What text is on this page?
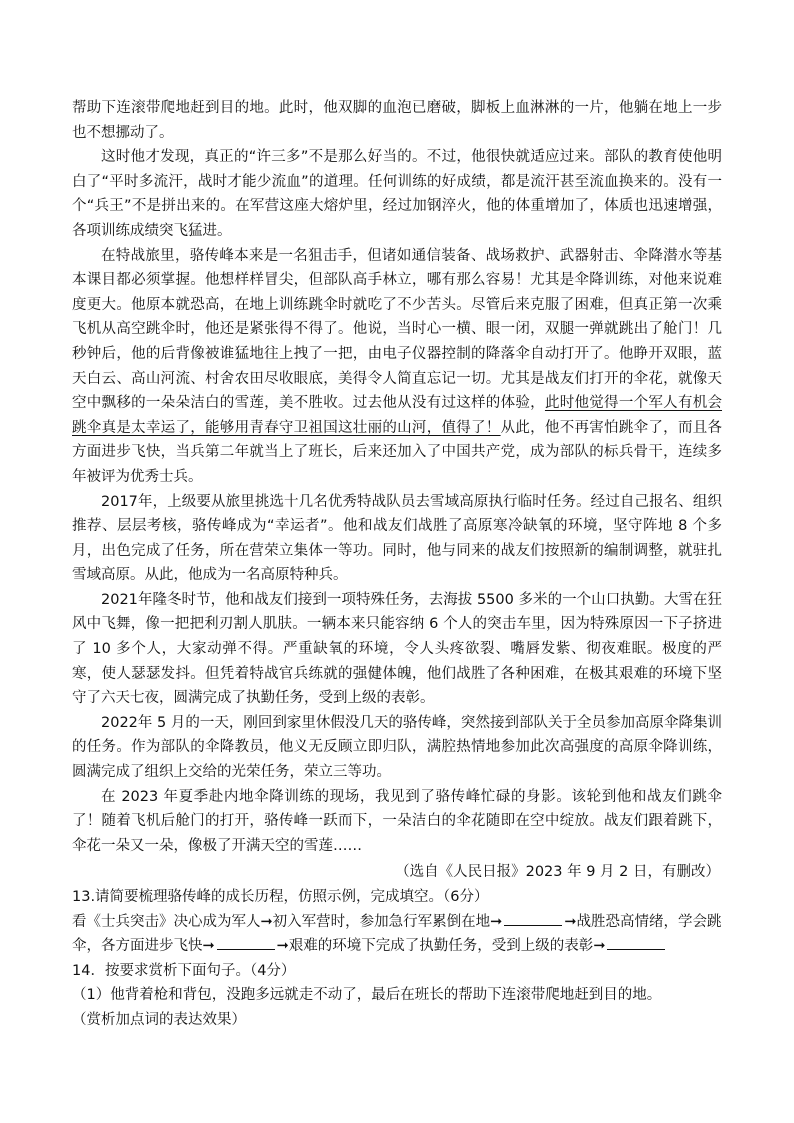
帮助下连滚带爬地赶到目的地。此时，他双脚的血泡已磨破，脚板上血淋淋的一片，他躺在地上一步也不想挪动了。

这时他才发现，真正的“许三多”不是那么好当的。不过，他很快就适应过来。部队的教育使他明白了“平时多流汗，战时才能少流血”的道理。任何训练的好成绩，都是流汗甚至流血换来的。没有一个“兵王”不是拼出来的。在军营这座大熔炉里，经过加钢淬火，他的体重增加了，体质也迅速增强，各项训练成绩突飞猛进。

在特战旅里，骆传峰本来是一名狙击手，但诸如通信装备、战场救护、武器射击、伞降潜水等基本课目都必须掌握。他想样样冒尖，但部队高手林立，哪有那么容易！尤其是伞降训练，对他来说难度更大。他原本就恐高，在地上训练跳伞时就吃了不少苦头。尽管后来克服了困难，但真正第一次乘飞机从高空跳伞时，他还是紧张得不得了。他说，当时心一横、眼一闭，双腿一弹就跳出了舱门！几秒钟后，他的后背像被谁猛地往上拽了一把，由电子仪器控制的降落伞自动打开了。他睁开双眼，蓝天白云、高山河流、村舍农田尽收眼底，美得令人简直忘记一切。尤其是战友们打开的伞花，就像天空中飘移的一朵朵洁白的雪莲，美不胜收。过去他从没有过这样的体验，此时他觉得一个军人有机会跳伞真是太幸运了，能够用青春守卫祖国这壮丽的山河，值得了！从此，他不再害怕跳伞了，而且各方面进步飞快，当兵第二年就当上了班长，后来还加入了中国共产党，成为部队的标兵骨干，连续多年被评为优秀士兵。

2017年，上级要从旅里挑选十几名优秀特战队员去雪域高原执行临时任务。经过自己报名、组织推荐、层层考核，骆传峰成为“幸运者”。他和战友们战胜了高原寒冷缺氧的环境，坚守阵地 8 个多月，出色完成了任务，所在营荣立集体一等功。同时，他与同来的战友们按照新的编制调整，就驻扎雪域高原。从此，他成为一名高原特种兵。

2021年隆冬时节，他和战友们接到一项特殊任务，去海拔 5500 多米的一个山口执勤。大雪在狂风中飞舞，像一把把利刃割人肌肤。一辆本来只能容纳 6 个人的突击车里，因为特殊原因一下子挤进了 10 多个人，大家动弹不得。严重缺氧的环境，令人头疼欲裂、嘴唇发紫、彻夜难眠。极度的严寒，使人瑟瑟发抖。但凭着特战官兵练就的强健体魄，他们战胜了各种困难，在极其艰难的环境下坚守了六天七夜，圆满完成了执勤任务，受到上级的表彰。

2022年 5 月的一天，刚回到家里休假没几天的骆传峰，突然接到部队关于全员参加高原伞降集训的任务。作为部队的伞降教员，他义无反顾立即归队，满腔热情地参加此次高强度的高原伞降训练，圆满完成了组织上交给的光荣任务，荣立三等功。

在 2023 年夏季赴内地伞降训练的现场，我见到了骆传峰忙碌的身影。该轮到他和战友们跳伞了！随着飞机后舱门的打开，骆传峰一跃而下，一朵洁白的伞花随即在空中绽放。战友们跟着跳下，伞花一朵又一朵，像极了开满天空的雪莲……

（选自《人民日报》2023 年 9 月 2 日，有删改）

13.请简要梳理骆传峰的成长历程，仿照示例，完成填空。（6分）

看《士兵突击》决心成为军人➞初入军营时，参加急行军累倒在地➞	➞战胜恐高情绪，学会跳伞，各方面进步飞快➞	➞艰难的环境下完成了执勤任务，受到上级的表彰➞

14．按要求赏析下面句子。（4分）

（1）他背着枪和背包，没跑多远就走不动了，最后在班长的帮助下连滚带爬地赶到目的地。

（赏析加点词的表达效果）
